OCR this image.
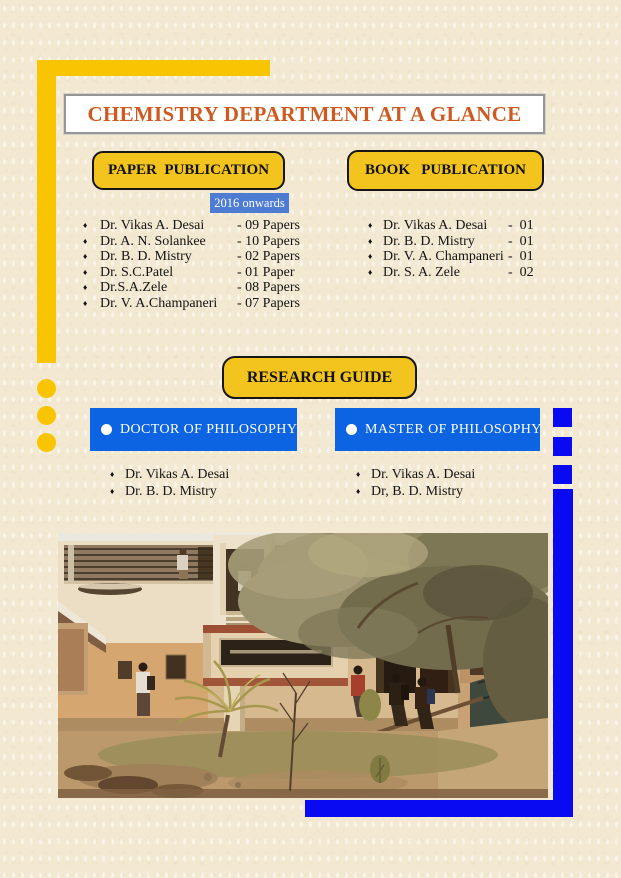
CHEMISTRY DEPARTMENT AT A GLANCE
PAPER  PUBLICATION
2016 onwards
♦ Dr. Vikas A. Desai	- 09 Papers
♦ Dr. A. N. Solankee	- 10 Papers
♦ Dr. B. D. Mistry	- 02 Papers
♦ Dr. S.C.Patel	- 01 Paper
♦ Dr.S.A.Zele	- 08 Papers
♦ Dr. V. A.Champaneri	- 07 Papers
BOOK   PUBLICATION
♦ Dr. Vikas A. Desai	-  01
♦ Dr. B. D. Mistry	-  01
♦ Dr. V. A. Champaneri -  01
♦ Dr. S. A. Zele	-  02
RESEARCH GUIDE
DOCTOR OF PHILOSOPHY	MASTER OF PHILOSOPHY
♦ Dr. Vikas A. Desai
♦ Dr. B. D. Mistry
♦ Dr. Vikas A. Desai
♦ Dr, B. D. Mistry
